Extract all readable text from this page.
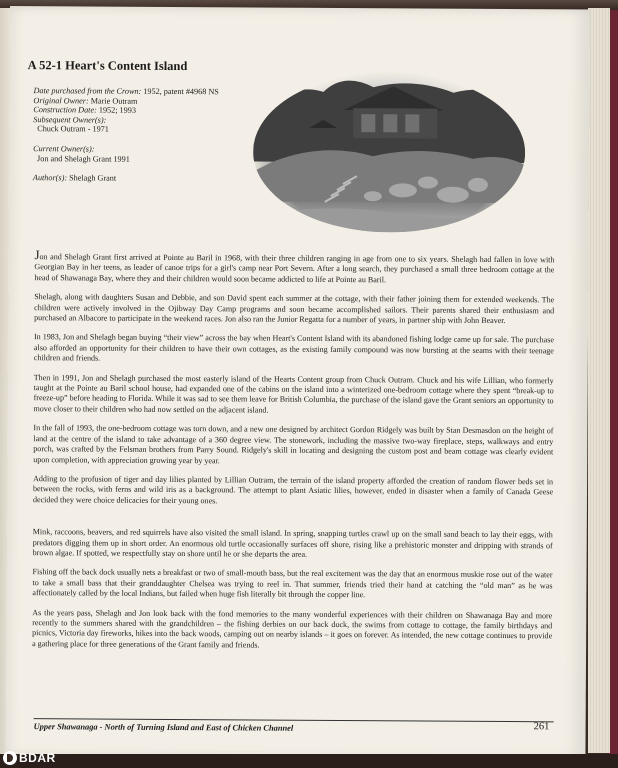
A 52-1 Heart's Content Island
Date purchased from the Crown: 1952, patent #4968 NS
Original Owner: Marie Outram
Construction Date: 1952; 1993
Subsequent Owner(s):
Chuck Outram - 1971
Current Owner(s):
Jon and Shelagh Grant 1991
Author(s): Shelagh Grant

Jon and Shelagh Grant first arrived at Pointe au Baril in 1968, with their three children ranging in age from one to six years. Shelagh had fallen in love with Georgian Bay in her teens, as leader of canoe trips for a girl's camp near Port Severn. After a long search, they purchased a small three bedroom cottage at the head of Shawanaga Bay, where they and their children would soon became addicted to life at Pointe au Baril.

Shelagh, along with daughters Susan and Debbie, and son David spent each summer at the cottage, with their father joining them for extended weekends. The children were actively involved in the Ojibway Day Camp programs and soon became accomplished sailors. Their parents shared their enthusiasm and purchased an Albacore to participate in the weekend races. Jon also ran the Junior Regatta for a number of years, in partner ship with John Beaver.

In 1983, Jon and Shelagh began buying “their view” across the bay when Heart's Content Island with its abandoned fishing lodge came up for sale. The purchase also afforded an opportunity for their children to have their own cottages, as the existing family compound was now bursting at the seams with their teenage children and friends.

Then in 1991, Jon and Shelagh purchased the most easterly island of the Hearts Content group from Chuck Outram. Chuck and his wife Lillian, who formerly taught at the Pointe au Baril school house, had expanded one of the cabins on the island into a winterized one-bedroom cottage where they spent “break-up to freeze-up” before heading to Florida. While it was sad to see them leave for British Columbia, the purchase of the island gave the Grant seniors an opportunity to move closer to their children who had now settled on the adjacent island.

In the fall of 1993, the one-bedroom cottage was torn down, and a new one designed by architect Gordon Ridgely was built by Stan Desmasdon on the height of land at the centre of the island to take advantage of a 360 degree view. The stonework, including the massive two-way fireplace, steps, walkways and entry porch, was crafted by the Felsman brothers from Parry Sound. Ridgely's skill in locating and designing the custom post and beam cottage was clearly evident upon completion, with appreciation growing year by year.

Adding to the profusion of tiger and day lilies planted by Lillian Outram, the terrain of the island property afforded the creation of random flower beds set in between the rocks, with ferns and wild iris as a background. The attempt to plant Asiatic lilies, however, ended in disaster when a family of Canada Geese decided they were choice delicacies for their young ones.

Mink, raccoons, beavers, and red squirrels have also visited the small island. In spring, snapping turtles crawl up on the small sand beach to lay their eggs, with predators digging them up in short order. An enormous old turtle occasionally surfaces off shore, rising like a prehistoric monster and dripping with strands of brown algae. If spotted, we respectfully stay on shore until he or she departs the area.

Fishing off the back dock usually nets a breakfast or two of small-mouth bass, but the real excitement was the day that an enormous muskie rose out of the water to take a small bass that their granddaughter Chelsea was trying to reel in. That summer, friends tried their hand at catching the “old man” as he was affectionately called by the local Indians, but failed when huge fish literally bit through the copper line.

As the years pass, Shelagh and Jon look back with the fond memories to the many wonderful experiences with their children on Shawanaga Bay and more recently to the summers shared with the grandchildren – the fishing derbies on our back dock, the swims from cottage to cottage, the family birthdays and picnics, Victoria day fireworks, hikes into the back woods, camping out on nearby islands – it goes on forever. As intended, the new cottage continues to provide a gathering place for three generations of the Grant family and friends.

Upper Shawanaga - North of Turning Island and East of Chicken Channel	261
BDAR
